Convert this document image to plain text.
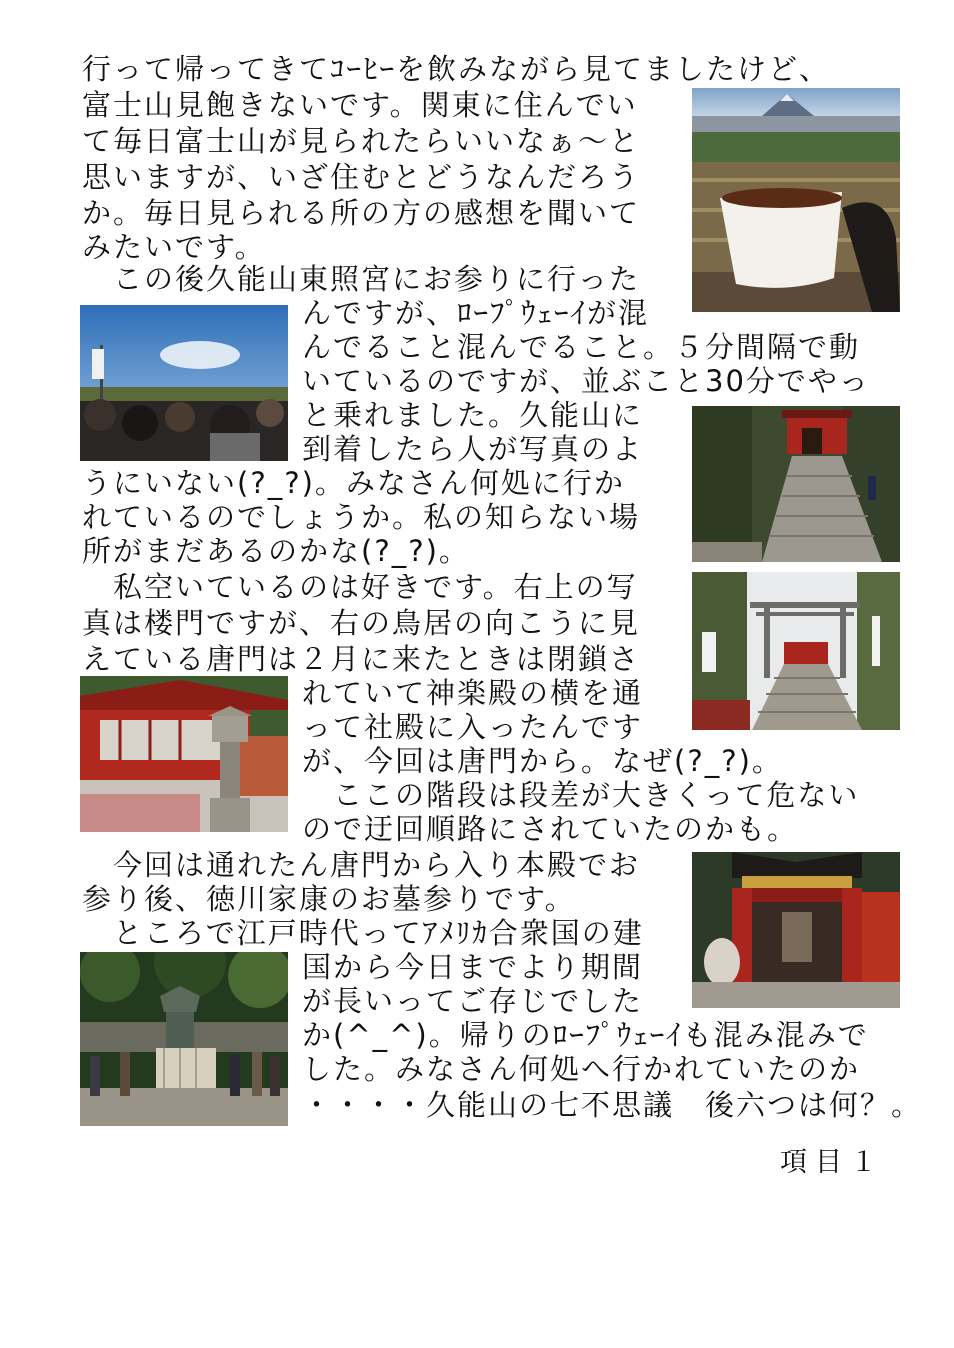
行って帰ってきてｺｰﾋｰを飲みながら見てましたけど、
富士山見飽きないです。関東に住んでい
て毎日富士山が見られたらいいなぁ～と
思いますが、いざ住むとどうなんだろう
か。毎日見られる所の方の感想を聞いて
みたいです。
　この後久能山東照宮にお参りに行った
んですが、ﾛｰﾌﾟｳｪｰｲが混
んでること混んでること。５分間隔で動
いているのですが、並ぶこと30分でやっ
と乗れました。久能山に
到着したら人が写真のよ
うにいない(?_?)。みなさん何処に行か
れているのでしょうか。私の知らない場
所がまだあるのかな(?_?)。
　私空いているのは好きです。右上の写
真は楼門ですが、右の鳥居の向こうに見
えている唐門は２月に来たときは閉鎖さ
れていて神楽殿の横を通
って社殿に入ったんです
が、今回は唐門から。なぜ(?_?)。
　ここの階段は段差が大きくって危ない
ので迂回順路にされていたのかも。
　今回は通れたん唐門から入り本殿でお
参り後、徳川家康のお墓参りです。
　ところで江戸時代ってｱﾒﾘｶ合衆国の建
国から今日までより期間
が長いってご存じでした
か(^_^)。帰りのﾛｰﾌﾟｳｪｰｲも混み混みで
した。みなさん何処へ行かれていたのか
・・・・久能山の七不思議　後六つは何？。
項目１
